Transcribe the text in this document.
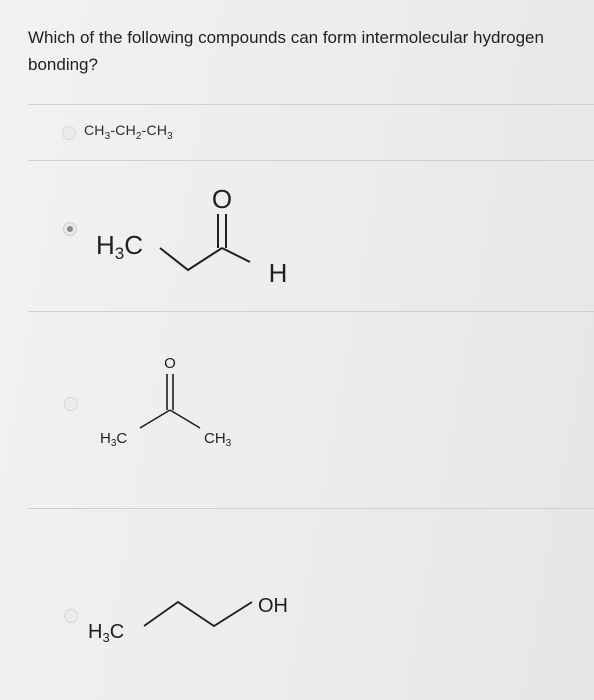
Which of the following compounds can form intermolecular hydrogen bonding?
$CH_3-CH_2-CH_3$
O
H3C
H
O
$H_3C$	$CH_3$
$H_3C$
OH
